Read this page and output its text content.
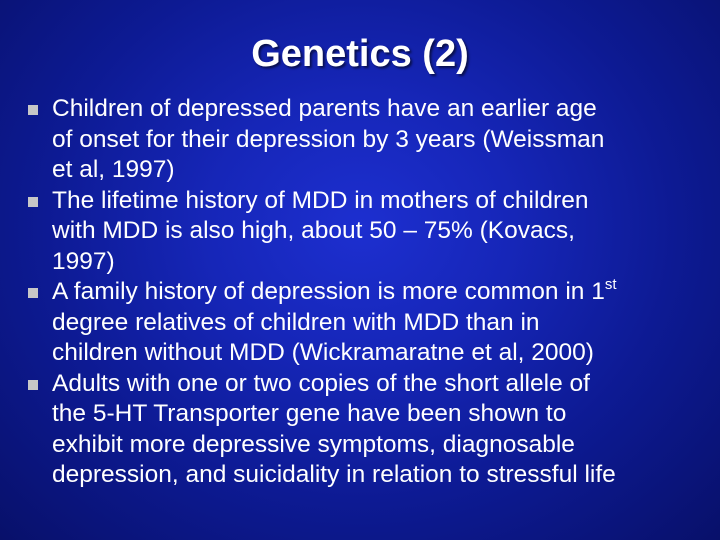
Genetics (2)
Children of depressed parents have an earlier age
of onset for their depression by 3 years (Weissman
et al, 1997)
The lifetime history of MDD in mothers of children
with MDD is also high, about 50 – 75% (Kovacs,
1997)
A family history of depression is more common in 1st
degree relatives of children with MDD than in
children without MDD (Wickramaratne et al, 2000)
Adults with one or two copies of the short allele of
the 5-HT Transporter gene have been shown to
exhibit more depressive symptoms, diagnosable
depression, and suicidality in relation to stressful life
